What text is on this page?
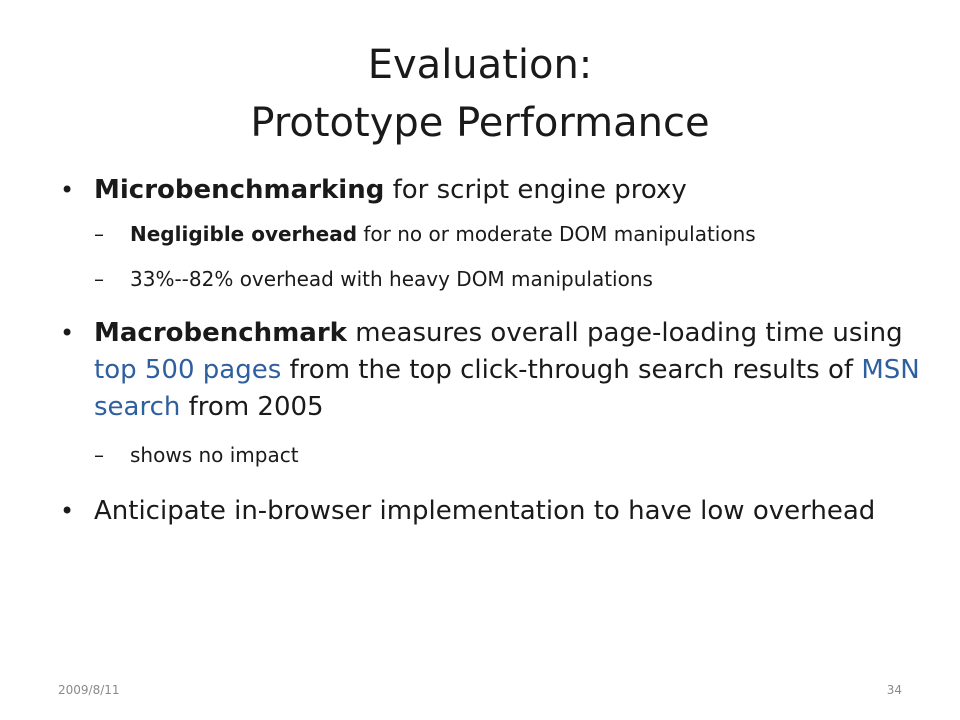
Evaluation:
Prototype Performance
• Microbenchmarking for script engine proxy
– Negligible overhead for no or moderate DOM manipulations
– 33%--82% overhead with heavy DOM manipulations
• Macrobenchmark measures overall page-loading time using top 500 pages from the top click-through search results of MSN search from 2005
– shows no impact
• Anticipate in-browser implementation to have low overhead
2009/8/11	34
